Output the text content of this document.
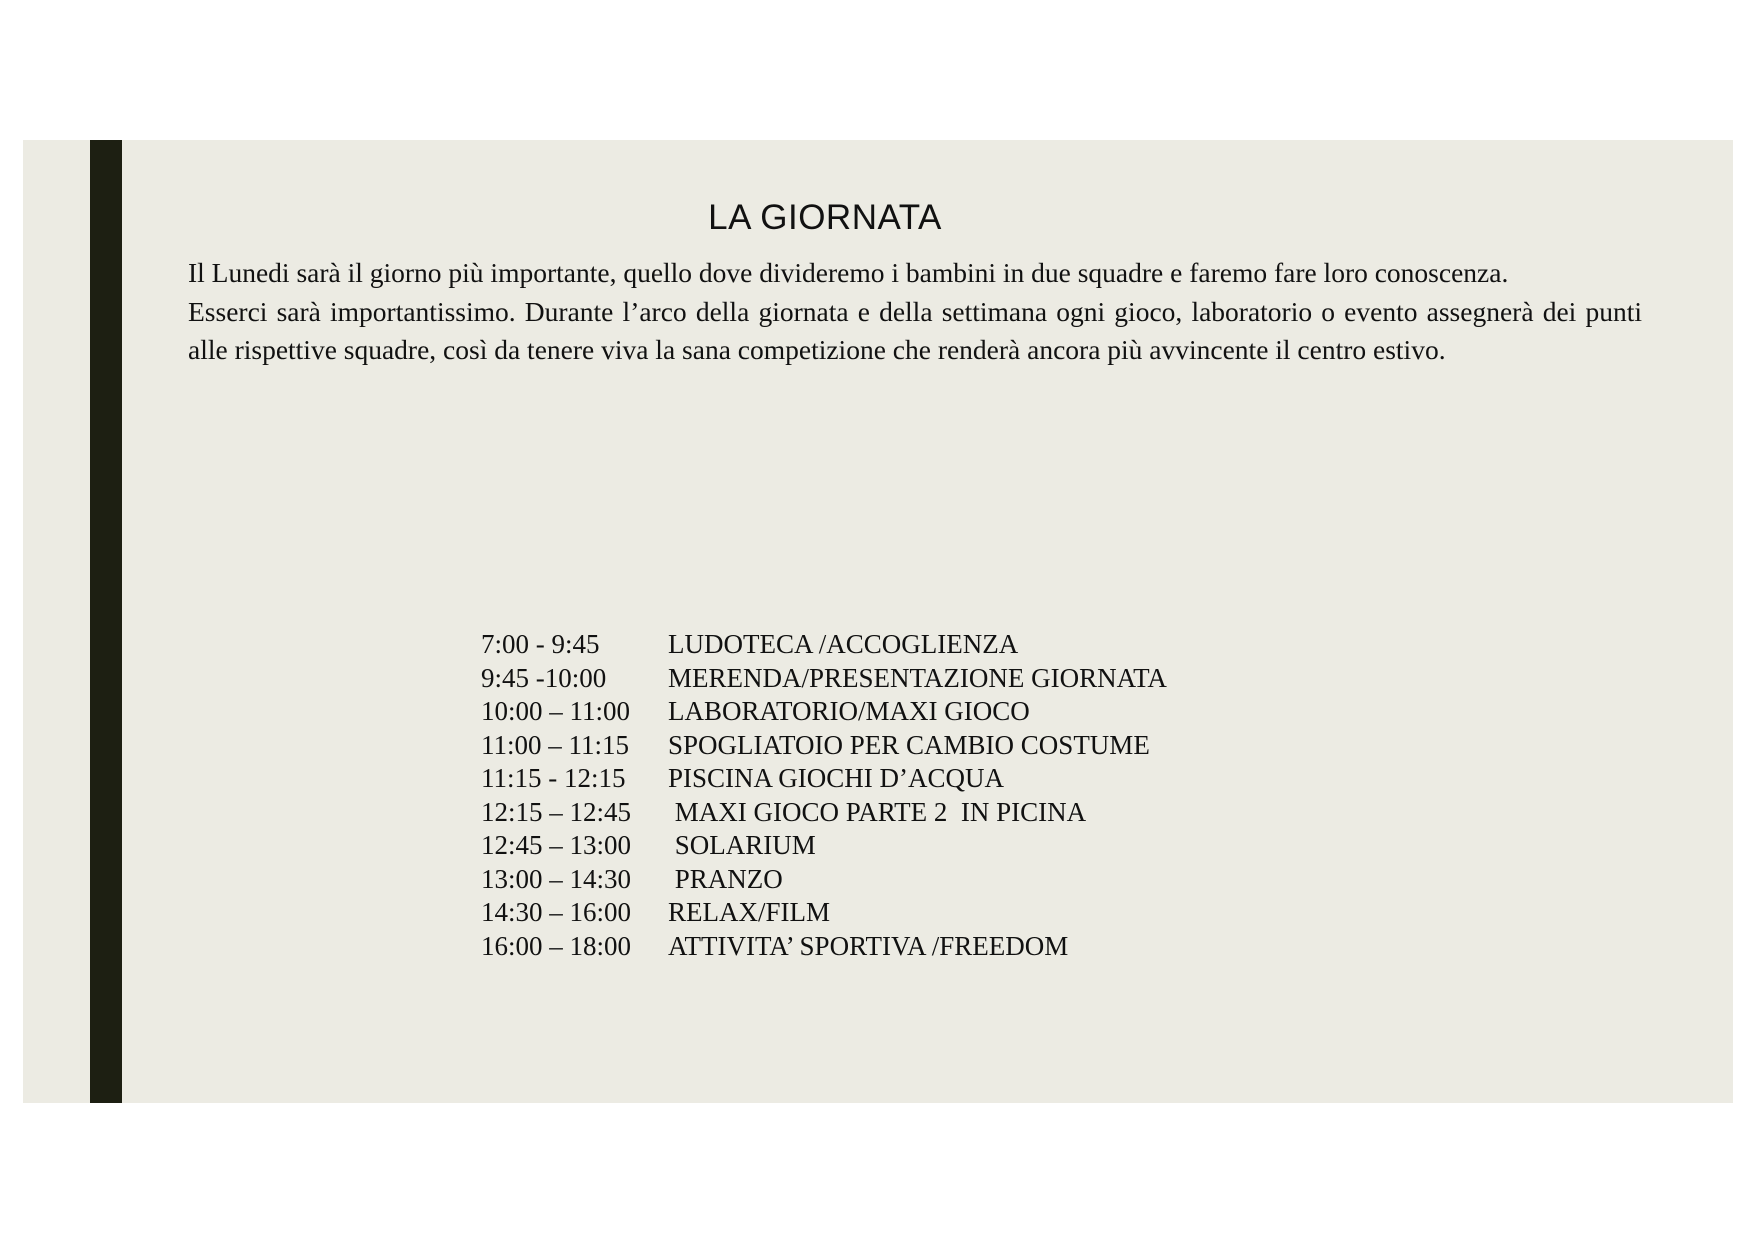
LA GIORNATA

Il Lunedi sarà il giorno più importante, quello dove divideremo i bambini in due squadre e faremo fare loro conoscenza.

Esserci sarà importantissimo. Durante l’arco della giornata e della settimana ogni gioco, laboratorio o evento assegnerà dei punti alle rispettive squadre, così da tenere viva la sana competizione che renderà ancora più avvincente il centro estivo.

7:00 - 9:45	LUDOTECA /ACCOGLIENZA
9:45 -10:00	MERENDA/PRESENTAZIONE GIORNATA
10:00 – 11:00	LABORATORIO/MAXI GIOCO
11:00 – 11:15	SPOGLIATOIO PER CAMBIO COSTUME
11:15 - 12:15	PISCINA GIOCHI D’ACQUA
12:15 – 12:45	MAXI GIOCO PARTE 2  IN PICINA
12:45 – 13:00	SOLARIUM
13:00 – 14:30	PRANZO
14:30 – 16:00	RELAX/FILM
16:00 – 18:00	ATTIVITA’ SPORTIVA /FREEDOM
